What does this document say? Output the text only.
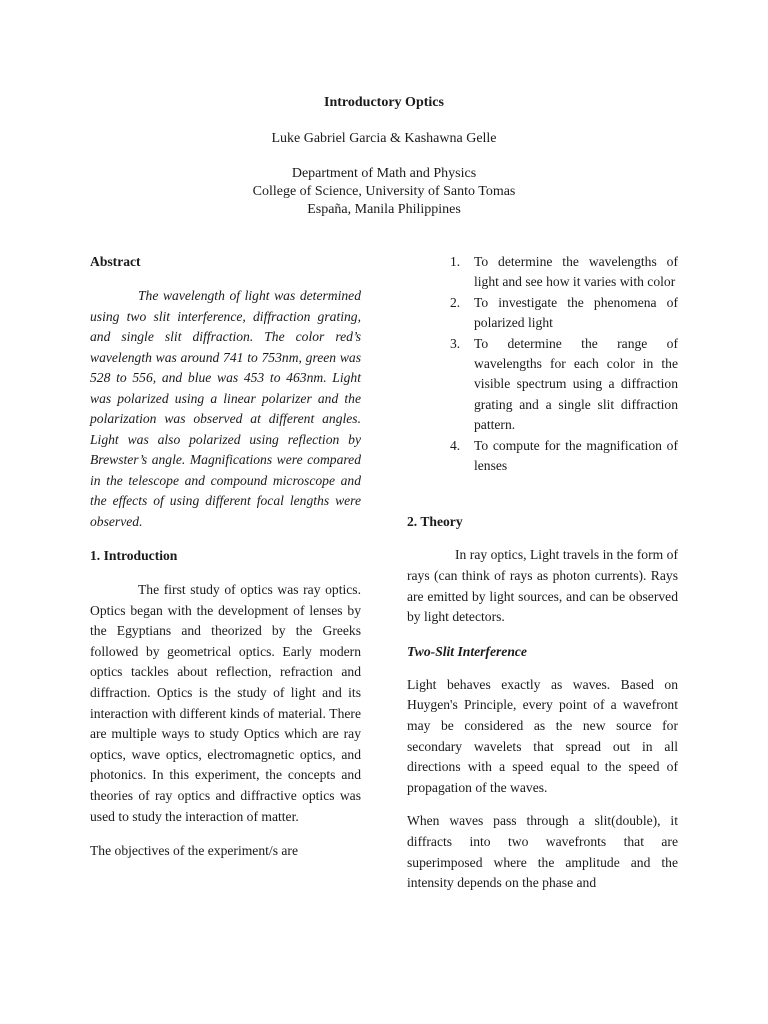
Introductory Optics

Luke Gabriel Garcia & Kashawna Gelle

Department of Math and Physics
College of Science, University of Santo Tomas
España, Manila Philippines

Abstract

The wavelength of light was determined using two slit interference, diffraction grating, and single slit diffraction. The color red’s wavelength was around 741 to 753nm, green was 528 to 556, and blue was 453 to 463nm. Light was polarized using a linear polarizer and the polarization was observed at different angles. Light was also polarized using reflection by Brewster’s angle. Magnifications were compared in the telescope and compound microscope and the effects of using different focal lengths were observed.

1. Introduction

The first study of optics was ray optics. Optics began with the development of lenses by the Egyptians and theorized by the Greeks followed by geometrical optics. Early modern optics tackles about reflection, refraction and diffraction. Optics is the study of light and its interaction with different kinds of material. There are multiple ways to study Optics which are ray optics, wave optics, electromagnetic optics, and photonics. In this experiment, the concepts and theories of ray optics and diffractive optics was used to study the interaction of matter.

The objectives of the experiment/s are

1. To determine the wavelengths of light and see how it varies with color
2. To investigate the phenomena of polarized light
3. To determine the range of wavelengths for each color in the visible spectrum using a diffraction grating and a single slit diffraction pattern.
4. To compute for the magnification of lenses

2. Theory

In ray optics, Light travels in the form of rays (can think of rays as photon currents). Rays are emitted by light sources, and can be observed by light detectors.

Two-Slit Interference

Light behaves exactly as waves. Based on Huygen's Principle, every point of a wavefront may be considered as the new source for secondary wavelets that spread out in all directions with a speed equal to the speed of propagation of the waves.

When waves pass through a slit(double), it diffracts into two wavefronts that are superimposed where the amplitude and the intensity depends on the phase and
